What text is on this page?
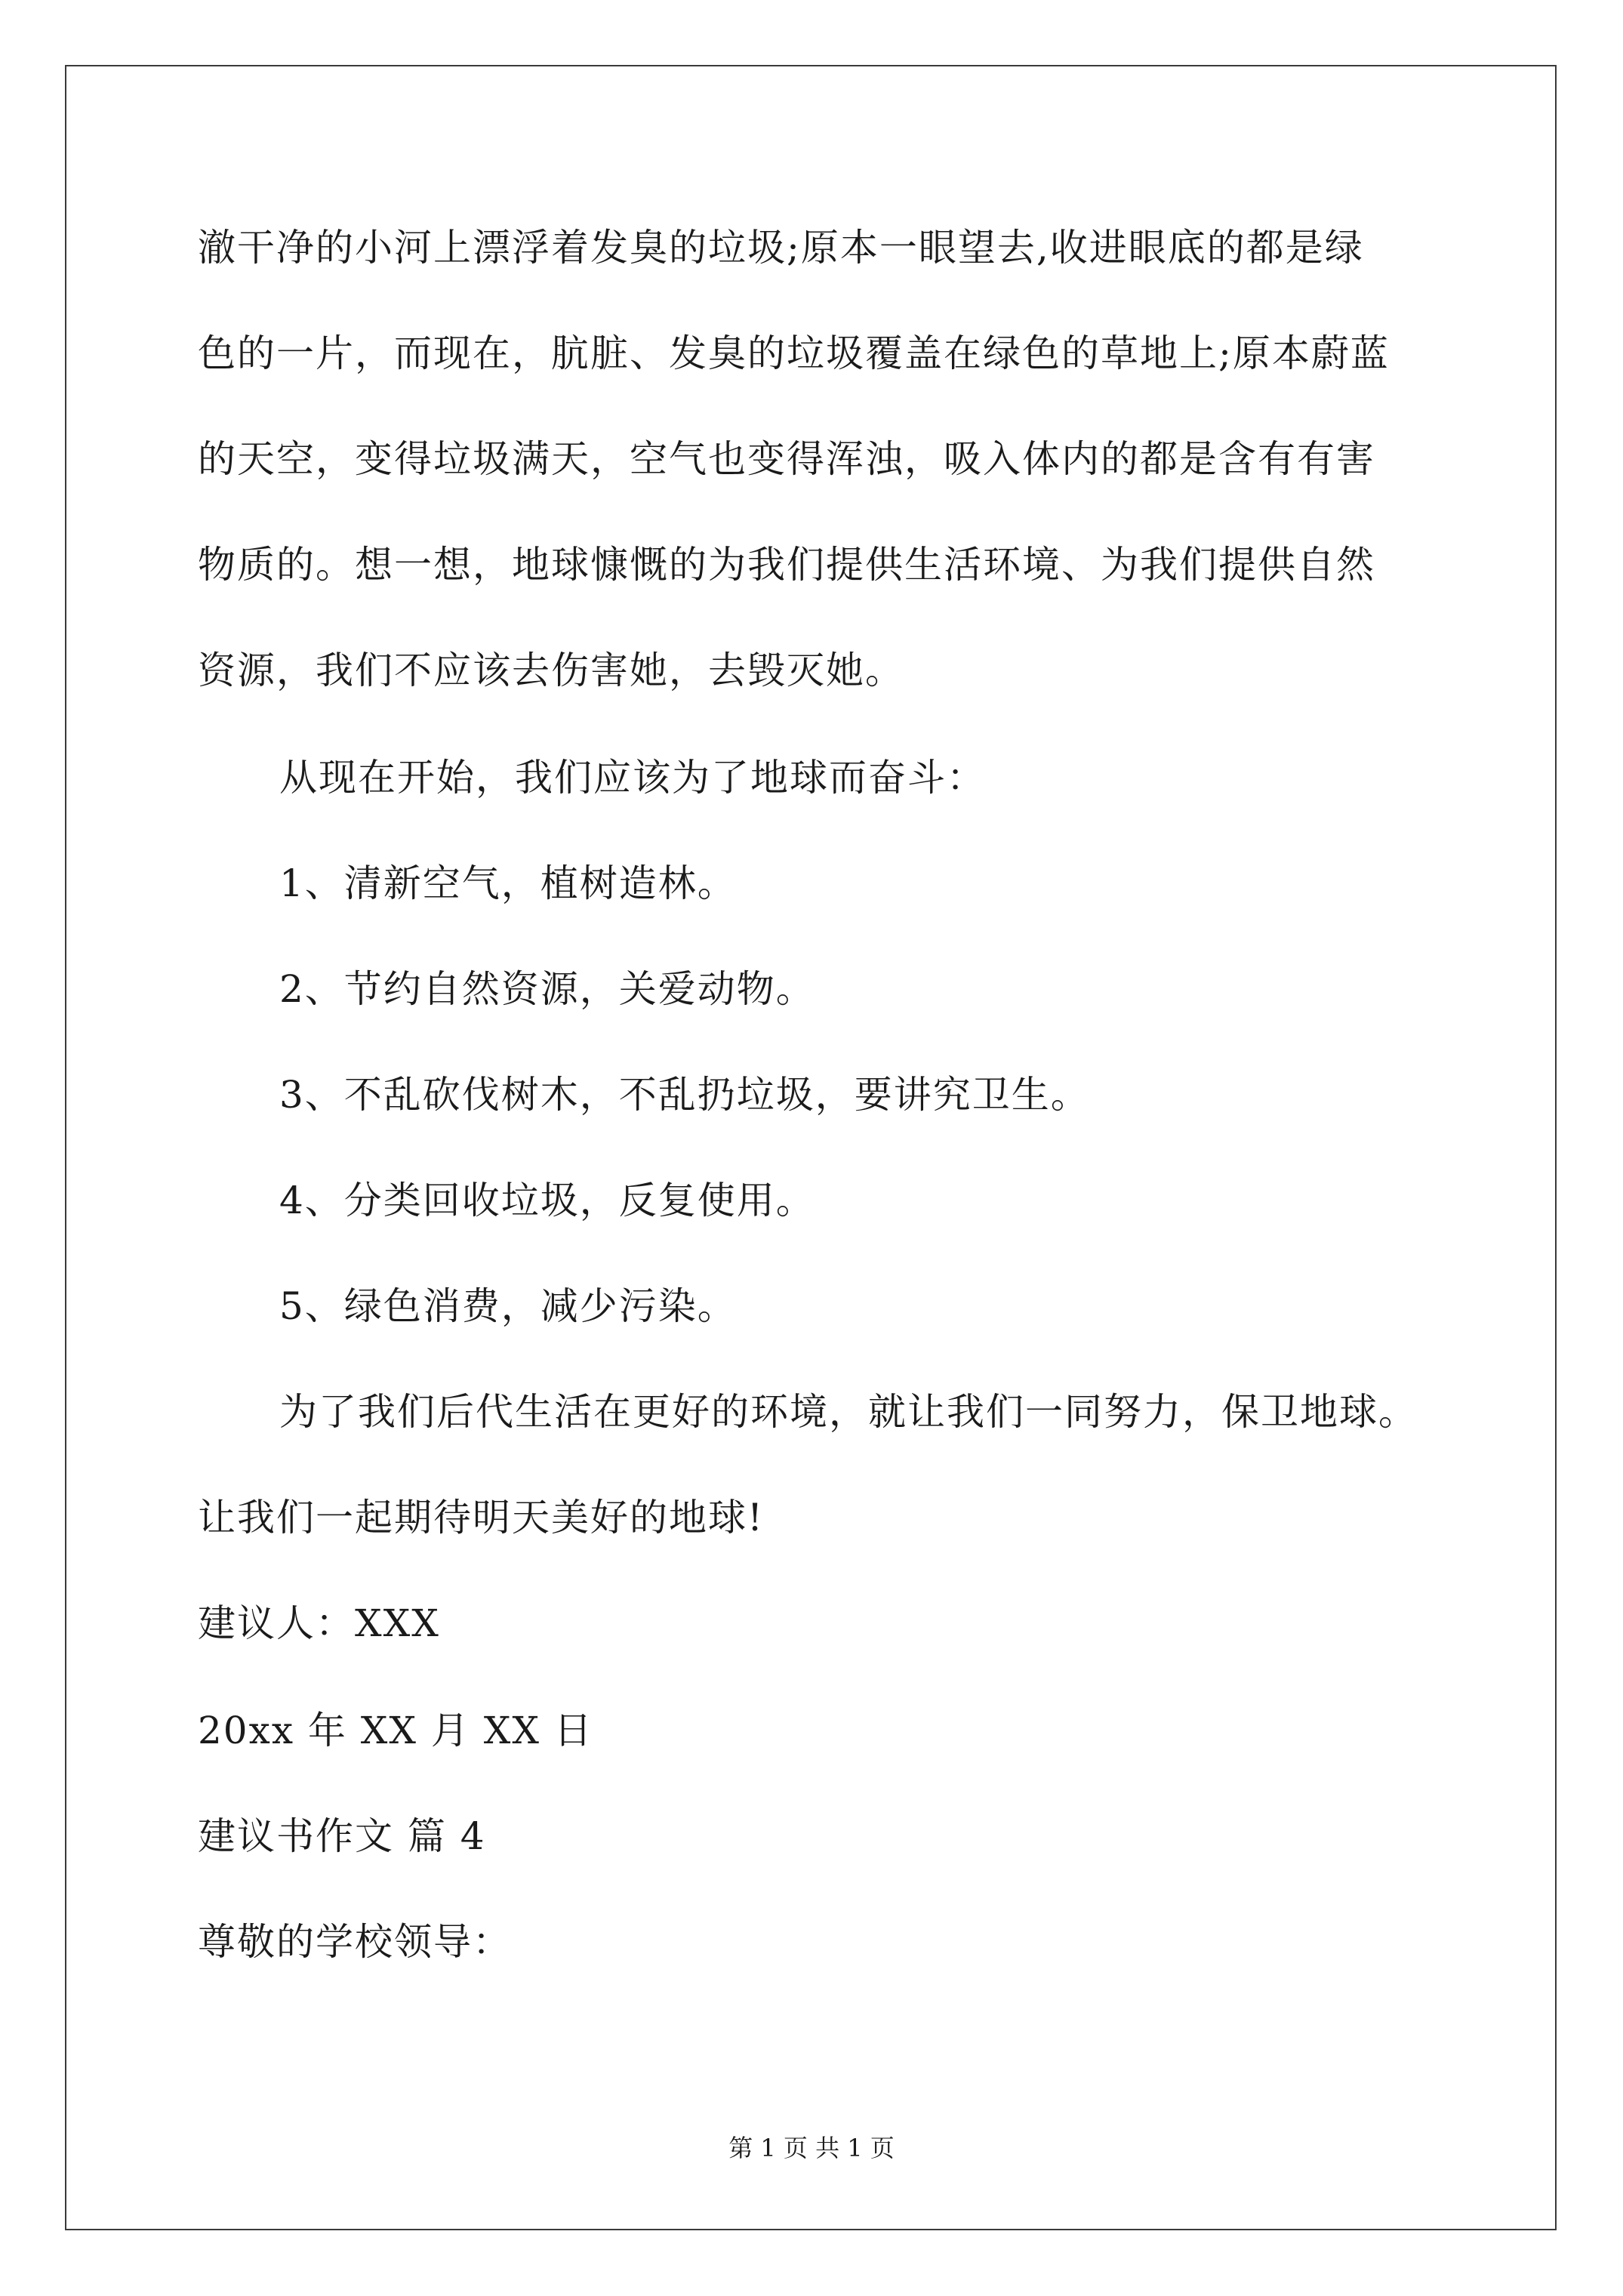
澈干净的小河上漂浮着发臭的垃圾;原本一眼望去,收进眼底的都是绿
色的一片，而现在，肮脏、发臭的垃圾覆盖在绿色的草地上;原本蔚蓝
的天空，变得垃圾满天，空气也变得浑浊，吸入体内的都是含有有害
物质的。想一想，地球慷慨的为我们提供生活环境、为我们提供自然
资源，我们不应该去伤害她，去毁灭她。
从现在开始，我们应该为了地球而奋斗：
1、清新空气，植树造林。
2、节约自然资源，关爱动物。
3、不乱砍伐树木，不乱扔垃圾，要讲究卫生。
4、分类回收垃圾，反复使用。
5、绿色消费，减少污染。
为了我们后代生活在更好的环境，就让我们一同努力，保卫地球。
让我们一起期待明天美好的地球!
建议人：XXX
20xx 年 XX 月 XX 日
建议书作文 篇 4
尊敬的学校领导：
第 1 页 共 1 页
